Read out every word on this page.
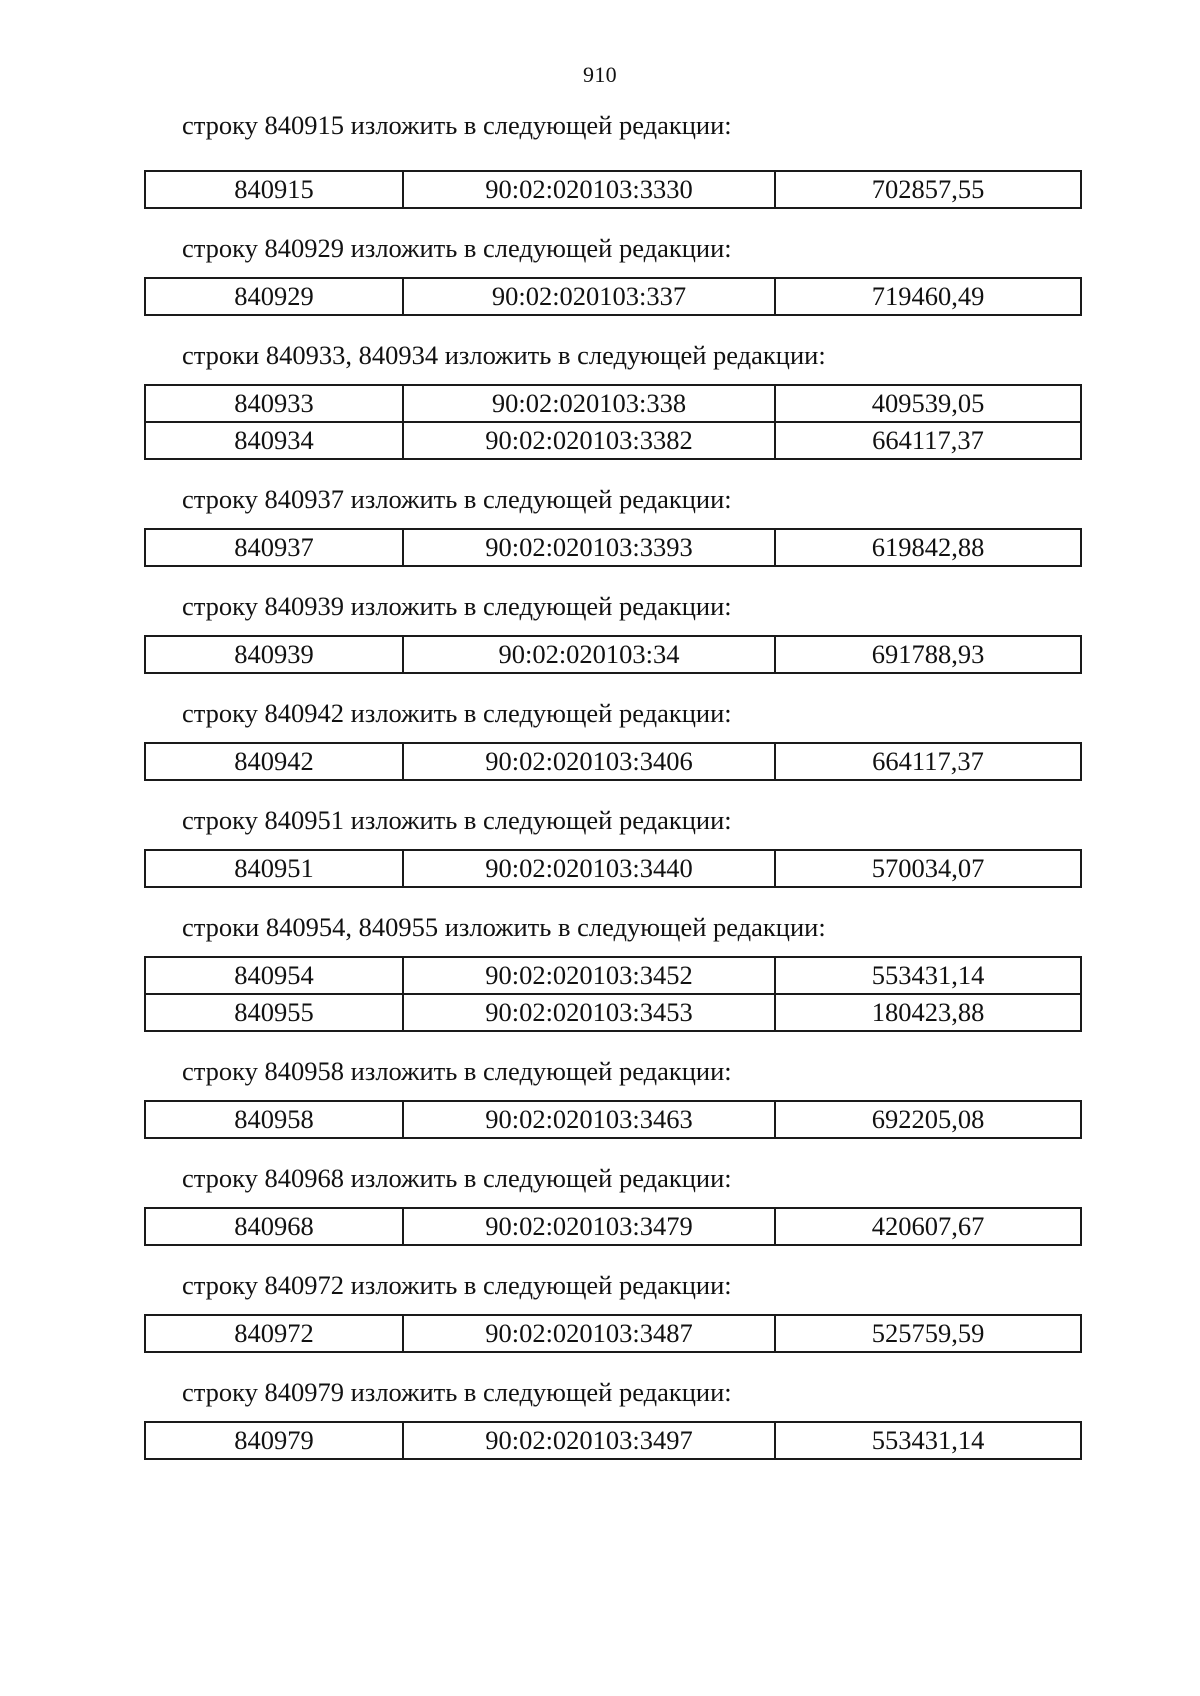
910
строку 840915 изложить в следующей редакции:
840915	90:02:020103:3330	702857,55
строку 840929 изложить в следующей редакции:
840929	90:02:020103:337	719460,49
строки 840933, 840934 изложить в следующей редакции:
840933	90:02:020103:338	409539,05
840934	90:02:020103:3382	664117,37
строку 840937 изложить в следующей редакции:
840937	90:02:020103:3393	619842,88
строку 840939 изложить в следующей редакции:
840939	90:02:020103:34	691788,93
строку 840942 изложить в следующей редакции:
840942	90:02:020103:3406	664117,37
строку 840951 изложить в следующей редакции:
840951	90:02:020103:3440	570034,07
строки 840954, 840955 изложить в следующей редакции:
840954	90:02:020103:3452	553431,14
840955	90:02:020103:3453	180423,88
строку 840958 изложить в следующей редакции:
840958	90:02:020103:3463	692205,08
строку 840968 изложить в следующей редакции:
840968	90:02:020103:3479	420607,67
строку 840972 изложить в следующей редакции:
840972	90:02:020103:3487	525759,59
строку 840979 изложить в следующей редакции:
840979	90:02:020103:3497	553431,14
